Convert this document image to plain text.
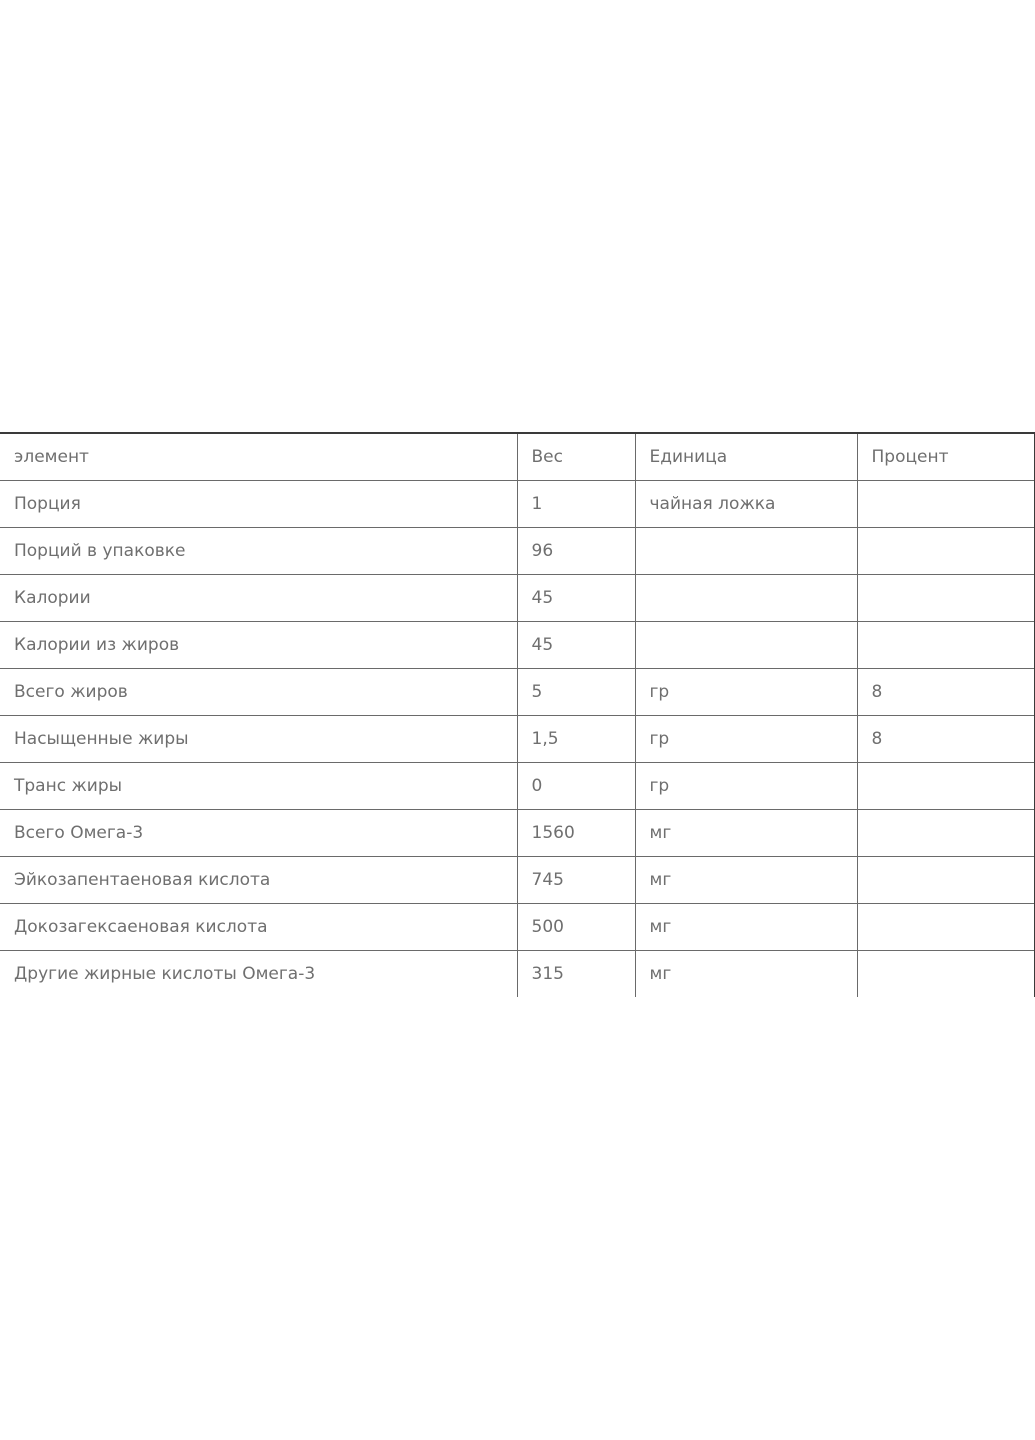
элемент	Вес	Единица	Процент
Порция	1	чайная ложка	
Порций в упаковке	96		
Калории	45		
Калории из жиров	45		
Всего жиров	5	гр	8
Насыщенные жиры	1,5	гр	8
Транс жиры	0	гр	
Всего Омега-3	1560	мг	
Эйкозапентаеновая кислота	745	мг	
Докозагексаеновая кислота	500	мг	
Другие жирные кислоты Омега-3	315	мг	
